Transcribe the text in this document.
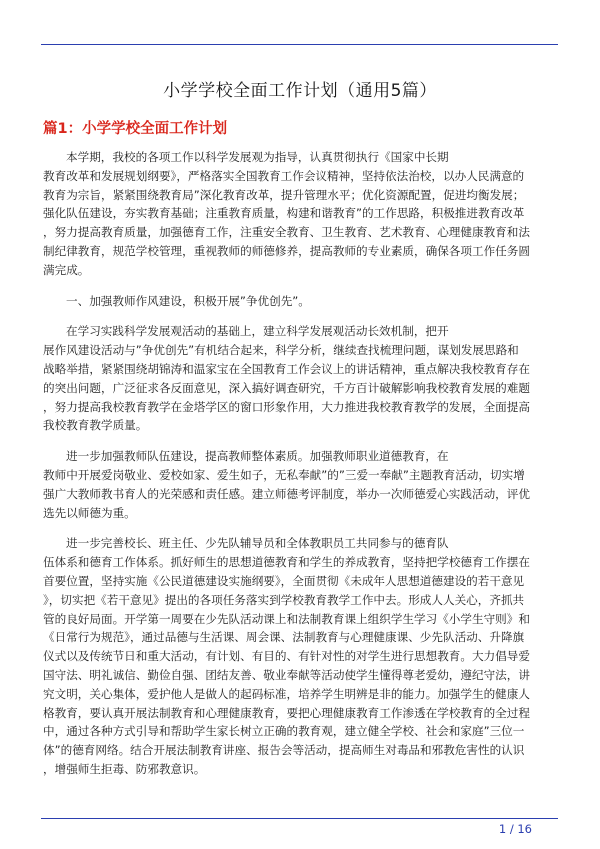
小学学校全面工作计划（通用5篇）
篇1：小学学校全面工作计划
本学期，我校的各项工作以科学发展观为指导，认真贯彻执行《国家中长期
教育改革和发展规划纲要》，严格落实全国教育工作会议精神，坚持依法治校，以办人民满意的
教育为宗旨，紧紧围绕教育局”深化教育改革，提升管理水平；优化资源配置，促进均衡发展；
强化队伍建设，夯实教育基础；注重教育质量，构建和谐教育”的工作思路，积极推进教育改革
，努力提高教育质量，加强德育工作，注重安全教育、卫生教育、艺术教育、心理健康教育和法
制纪律教育，规范学校管理，重视教师的师德修养，提高教师的专业素质，确保各项工作任务圆
满完成。
一、加强教师作风建设，积极开展”争优创先”。
在学习实践科学发展观活动的基础上，建立科学发展观活动长效机制，把开
展作风建设活动与”争优创先”有机结合起来，科学分析，继续查找梳理问题，谋划发展思路和
战略举措，紧紧围绕胡锦涛和温家宝在全国教育工作会议上的讲话精神，重点解决我校教育存在
的突出问题，广泛征求各反面意见，深入搞好调查研究，千方百计破解影响我校教育发展的难题
，努力提高我校教育教学在金塔学区的窗口形象作用，大力推进我校教育教学的发展，全面提高
我校教育教学质量。
进一步加强教师队伍建设，提高教师整体素质。加强教师职业道德教育，在
教师中开展爱岗敬业、爱校如家、爱生如子，无私奉献”的”三爱一奉献”主题教育活动，切实增
强广大教师教书育人的光荣感和责任感。建立师德考评制度，举办一次师德爱心实践活动，评优
选先以师德为重。
进一步完善校长、班主任、少先队辅导员和全体教职员工共同参与的德育队
伍体系和德育工作体系。抓好师生的思想道德教育和学生的养成教育，坚持把学校德育工作摆在
首要位置，坚持实施《公民道德建设实施纲要》，全面贯彻《未成年人思想道德建设的若干意见
》，切实把《若干意见》提出的各项任务落实到学校教育教学工作中去。形成人人关心，齐抓共
管的良好局面。开学第一周要在少先队活动课上和法制教育课上组织学生学习《小学生守则》和
《日常行为规范》，通过品德与生活课、周会课、法制教育与心理健康课、少先队活动、升降旗
仪式以及传统节日和重大活动，有计划、有目的、有针对性的对学生进行思想教育。大力倡导爱
国守法、明礼诚信、勤俭自强、团结友善、敬业奉献等活动使学生懂得尊老爱幼，遵纪守法，讲
究文明，关心集体，爱护他人是做人的起码标准，培养学生明辨是非的能力。加强学生的健康人
格教育，要认真开展法制教育和心理健康教育，要把心理健康教育工作渗透在学校教育的全过程
中，通过各种方式引导和帮助学生家长树立正确的教育观，建立健全学校、社会和家庭”三位一
体”的德育网络。结合开展法制教育讲座、报告会等活动，提高师生对毒品和邪教危害性的认识
，增强师生拒毒、防邪教意识。
1 / 16
